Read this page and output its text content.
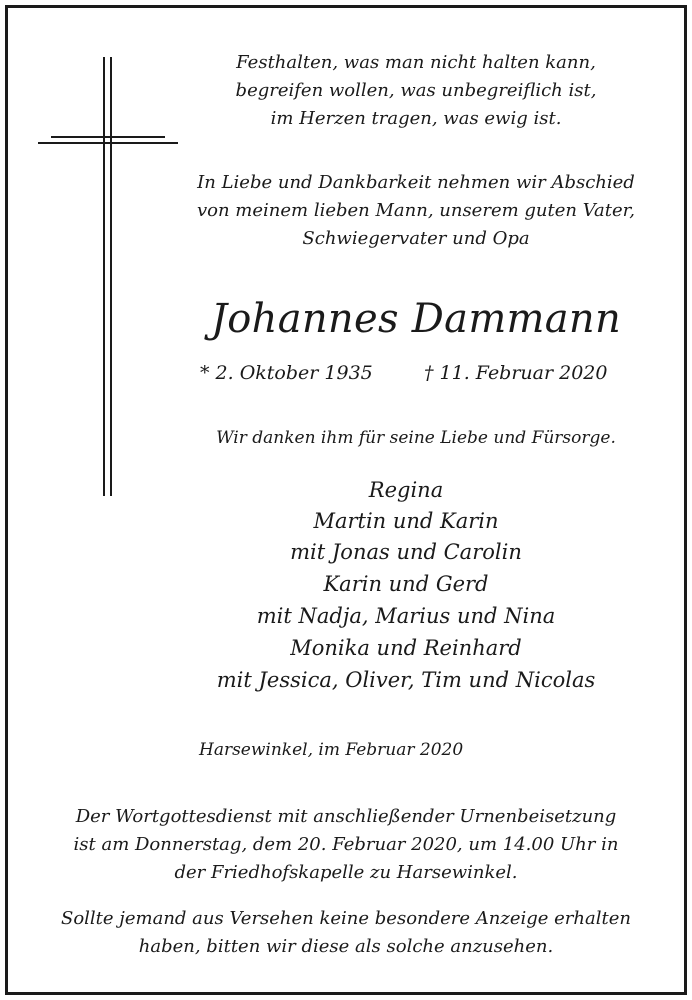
Festhalten, was man nicht halten kann,
begreifen wollen, was unbegreiflich ist,
im Herzen tragen, was ewig ist.
In Liebe und Dankbarkeit nehmen wir Abschied
von meinem lieben Mann, unserem guten Vater,
Schwiegervater und Opa
Johannes Dammann
* 2. Oktober 1935	† 11. Februar 2020
Wir danken ihm für seine Liebe und Fürsorge.
Regina
Martin und Karin
mit Jonas und Carolin
Karin und Gerd
mit Nadja, Marius und Nina
Monika und Reinhard
mit Jessica, Oliver, Tim und Nicolas
Harsewinkel, im Februar 2020
Der Wortgottesdienst mit anschließender Urnenbeisetzung
ist am Donnerstag, dem 20. Februar 2020, um 14.00 Uhr in
der Friedhofskapelle zu Harsewinkel.
Sollte jemand aus Versehen keine besondere Anzeige erhalten
haben, bitten wir diese als solche anzusehen.
